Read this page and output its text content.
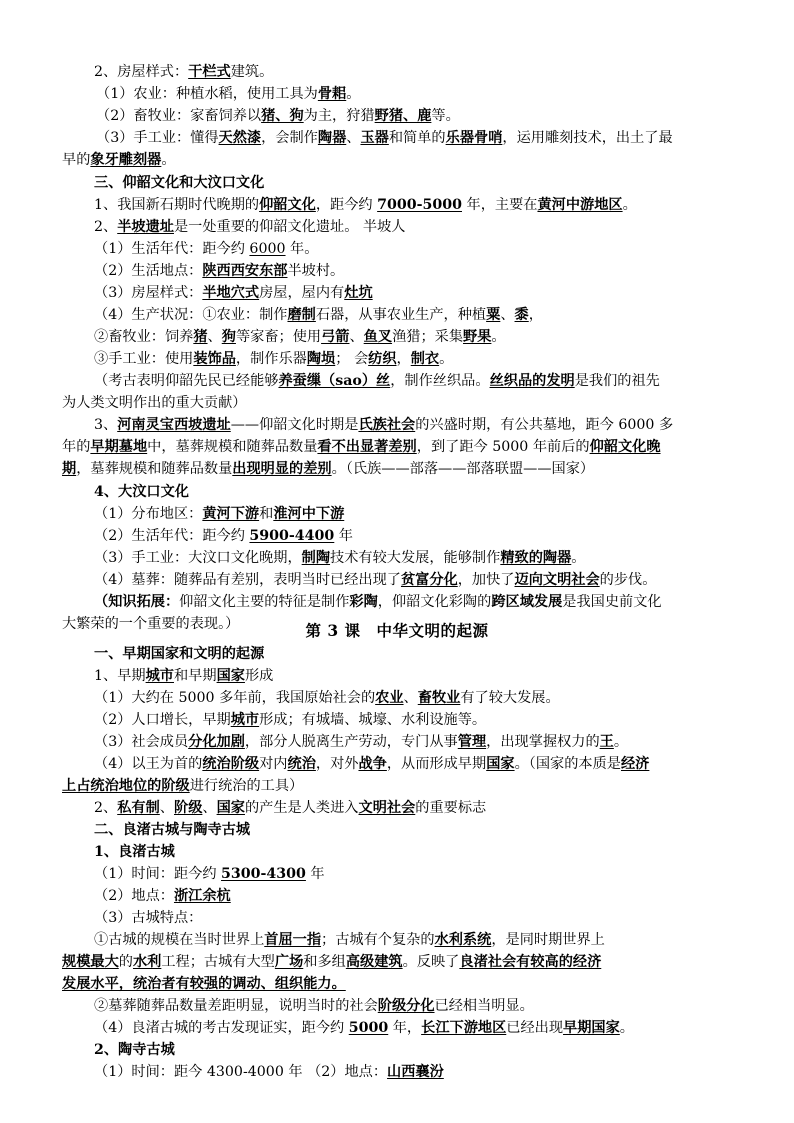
2、房屋样式：干栏式建筑。
（1）农业：种植水稻，使用工具为骨耜。
（2）畜牧业：家畜饲养以猪、狗为主，狩猎野猪、鹿等。
（3）手工业：懂得天然漆，会制作陶器、玉器和简单的乐器骨哨，运用雕刻技术，出土了最
早的象牙雕刻器。
三、仰韶文化和大汶口文化
1、我国新石期时代晚期的仰韶文化，距今约 7000-5000 年，主要在黄河中游地区。
2、半坡遗址是一处重要的仰韶文化遗址。 半坡人
（1）生活年代：距今约 6000 年。
（2）生活地点：陕西西安东部半坡村。
（3）房屋样式：半地穴式房屋，屋内有灶坑
（4）生产状况：①农业：制作磨制石器，从事农业生产，种植粟、黍，
②畜牧业：饲养猪、狗等家畜；使用弓箭、鱼叉渔猎；采集野果。
③手工业：使用装饰品，制作乐器陶埙； 会纺织，制衣。
（考古表明仰韶先民已经能够养蚕缫（sao）丝，制作丝织品。丝织品的发明是我们的祖先
为人类文明作出的重大贡献）
3、河南灵宝西坡遗址——仰韶文化时期是氏族社会的兴盛时期，有公共墓地，距今 6000 多
年的早期墓地中，墓葬规模和随葬品数量看不出显著差别，到了距今 5000 年前后的仰韶文化晚
期，墓葬规模和随葬品数量出现明显的差别。（氏族——部落——部落联盟——国家）
4、大汶口文化
（1）分布地区：黄河下游和淮河中下游
（2）生活年代：距今约 5900-4400 年
（3）手工业：大汶口文化晚期，制陶技术有较大发展，能够制作精致的陶器。
（4）墓葬：随葬品有差别，表明当时已经出现了贫富分化，加快了迈向文明社会的步伐。
（知识拓展：仰韶文化主要的特征是制作彩陶，仰韶文化彩陶的跨区域发展是我国史前文化
大繁荣的一个重要的表现。）	第 3 课　中华文明的起源
一、早期国家和文明的起源
1、早期城市和早期国家形成
（1）大约在 5000 多年前，我国原始社会的农业、畜牧业有了较大发展。
（2）人口增长，早期城市形成；有城墙、城壕、水利设施等。
（3）社会成员分化加剧，部分人脱离生产劳动，专门从事管理，出现掌握权力的王。
（4）以王为首的统治阶级对内统治，对外战争，从而形成早期国家。（国家的本质是经济
上占统治地位的阶级进行统治的工具）
2、私有制、阶级、国家的产生是人类进入文明社会的重要标志
二、良渚古城与陶寺古城
1、良渚古城
（1）时间：距今约 5300-4300 年
（2）地点：浙江余杭
（3）古城特点：
①古城的规模在当时世界上首屈一指；古城有个复杂的水利系统，是同时期世界上
规模最大的水利工程；古城有大型广场和多组高级建筑。反映了良渚社会有较高的经济
发展水平，统治者有较强的调动、组织能力。
②墓葬随葬品数量差距明显，说明当时的社会阶级分化已经相当明显。
（4）良渚古城的考古发现证实，距今约 5000 年，长江下游地区已经出现早期国家。
2、陶寺古城
（1）时间：距今 4300-4000 年 （2）地点：山西襄汾
